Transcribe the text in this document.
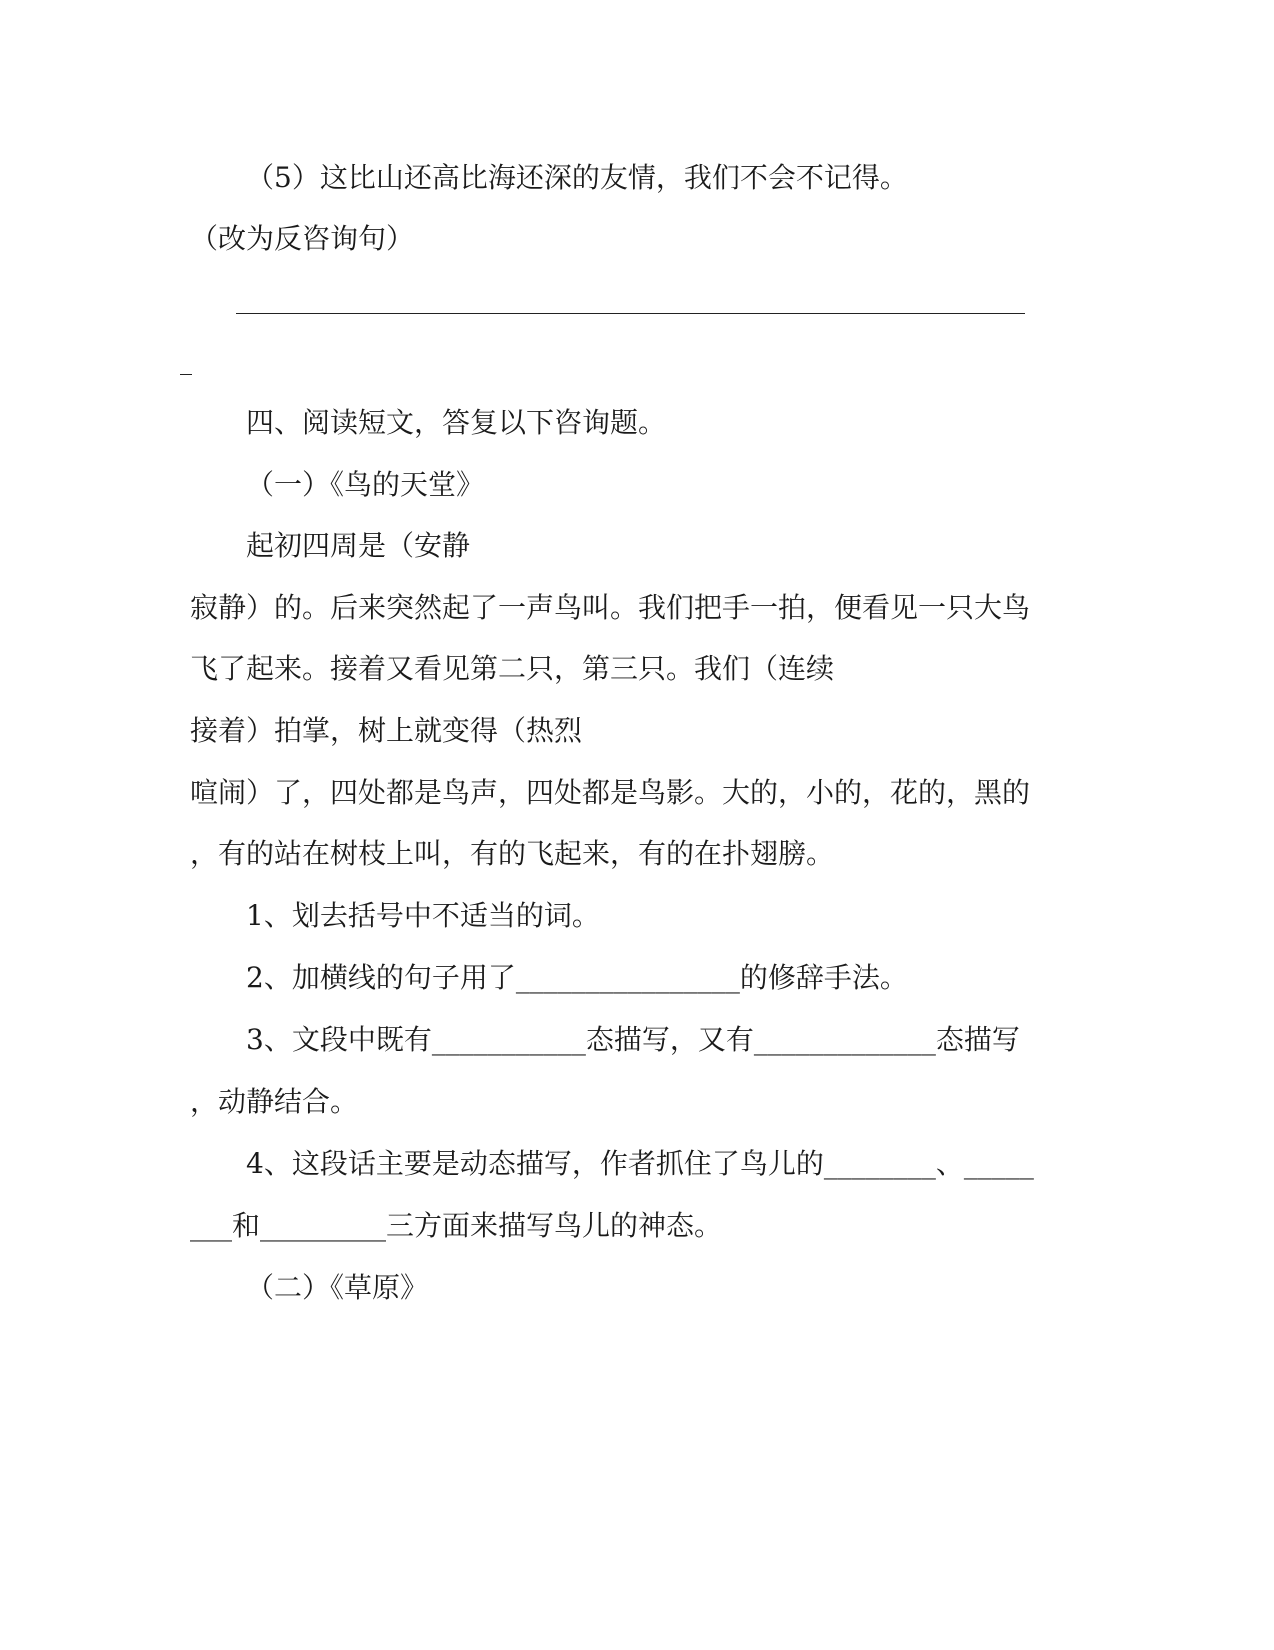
（5）这比山还高比海还深的友情，我们不会不记得。

（改为反咨询句）

四、阅读短文，答复以下咨询题。

（一）《鸟的天堂》

起初四周是（安静

寂静）的。后来突然起了一声鸟叫。我们把手一拍，便看见一只大鸟

飞了起来。接着又看见第二只，第三只。我们（连续

接着）拍掌，树上就变得（热烈

喧闹）了，四处都是鸟声，四处都是鸟影。大的，小的，花的，黑的

，有的站在树枝上叫，有的飞起来，有的在扑翅膀。

1、划去括号中不适当的词。

2、加横线的句子用了________________的修辞手法。

3、文段中既有___________态描写，又有_____________态描写

，动静结合。

4、这段话主要是动态描写，作者抓住了鸟儿的________、_____

___和_________三方面来描写鸟儿的神态。

（二）《草原》
